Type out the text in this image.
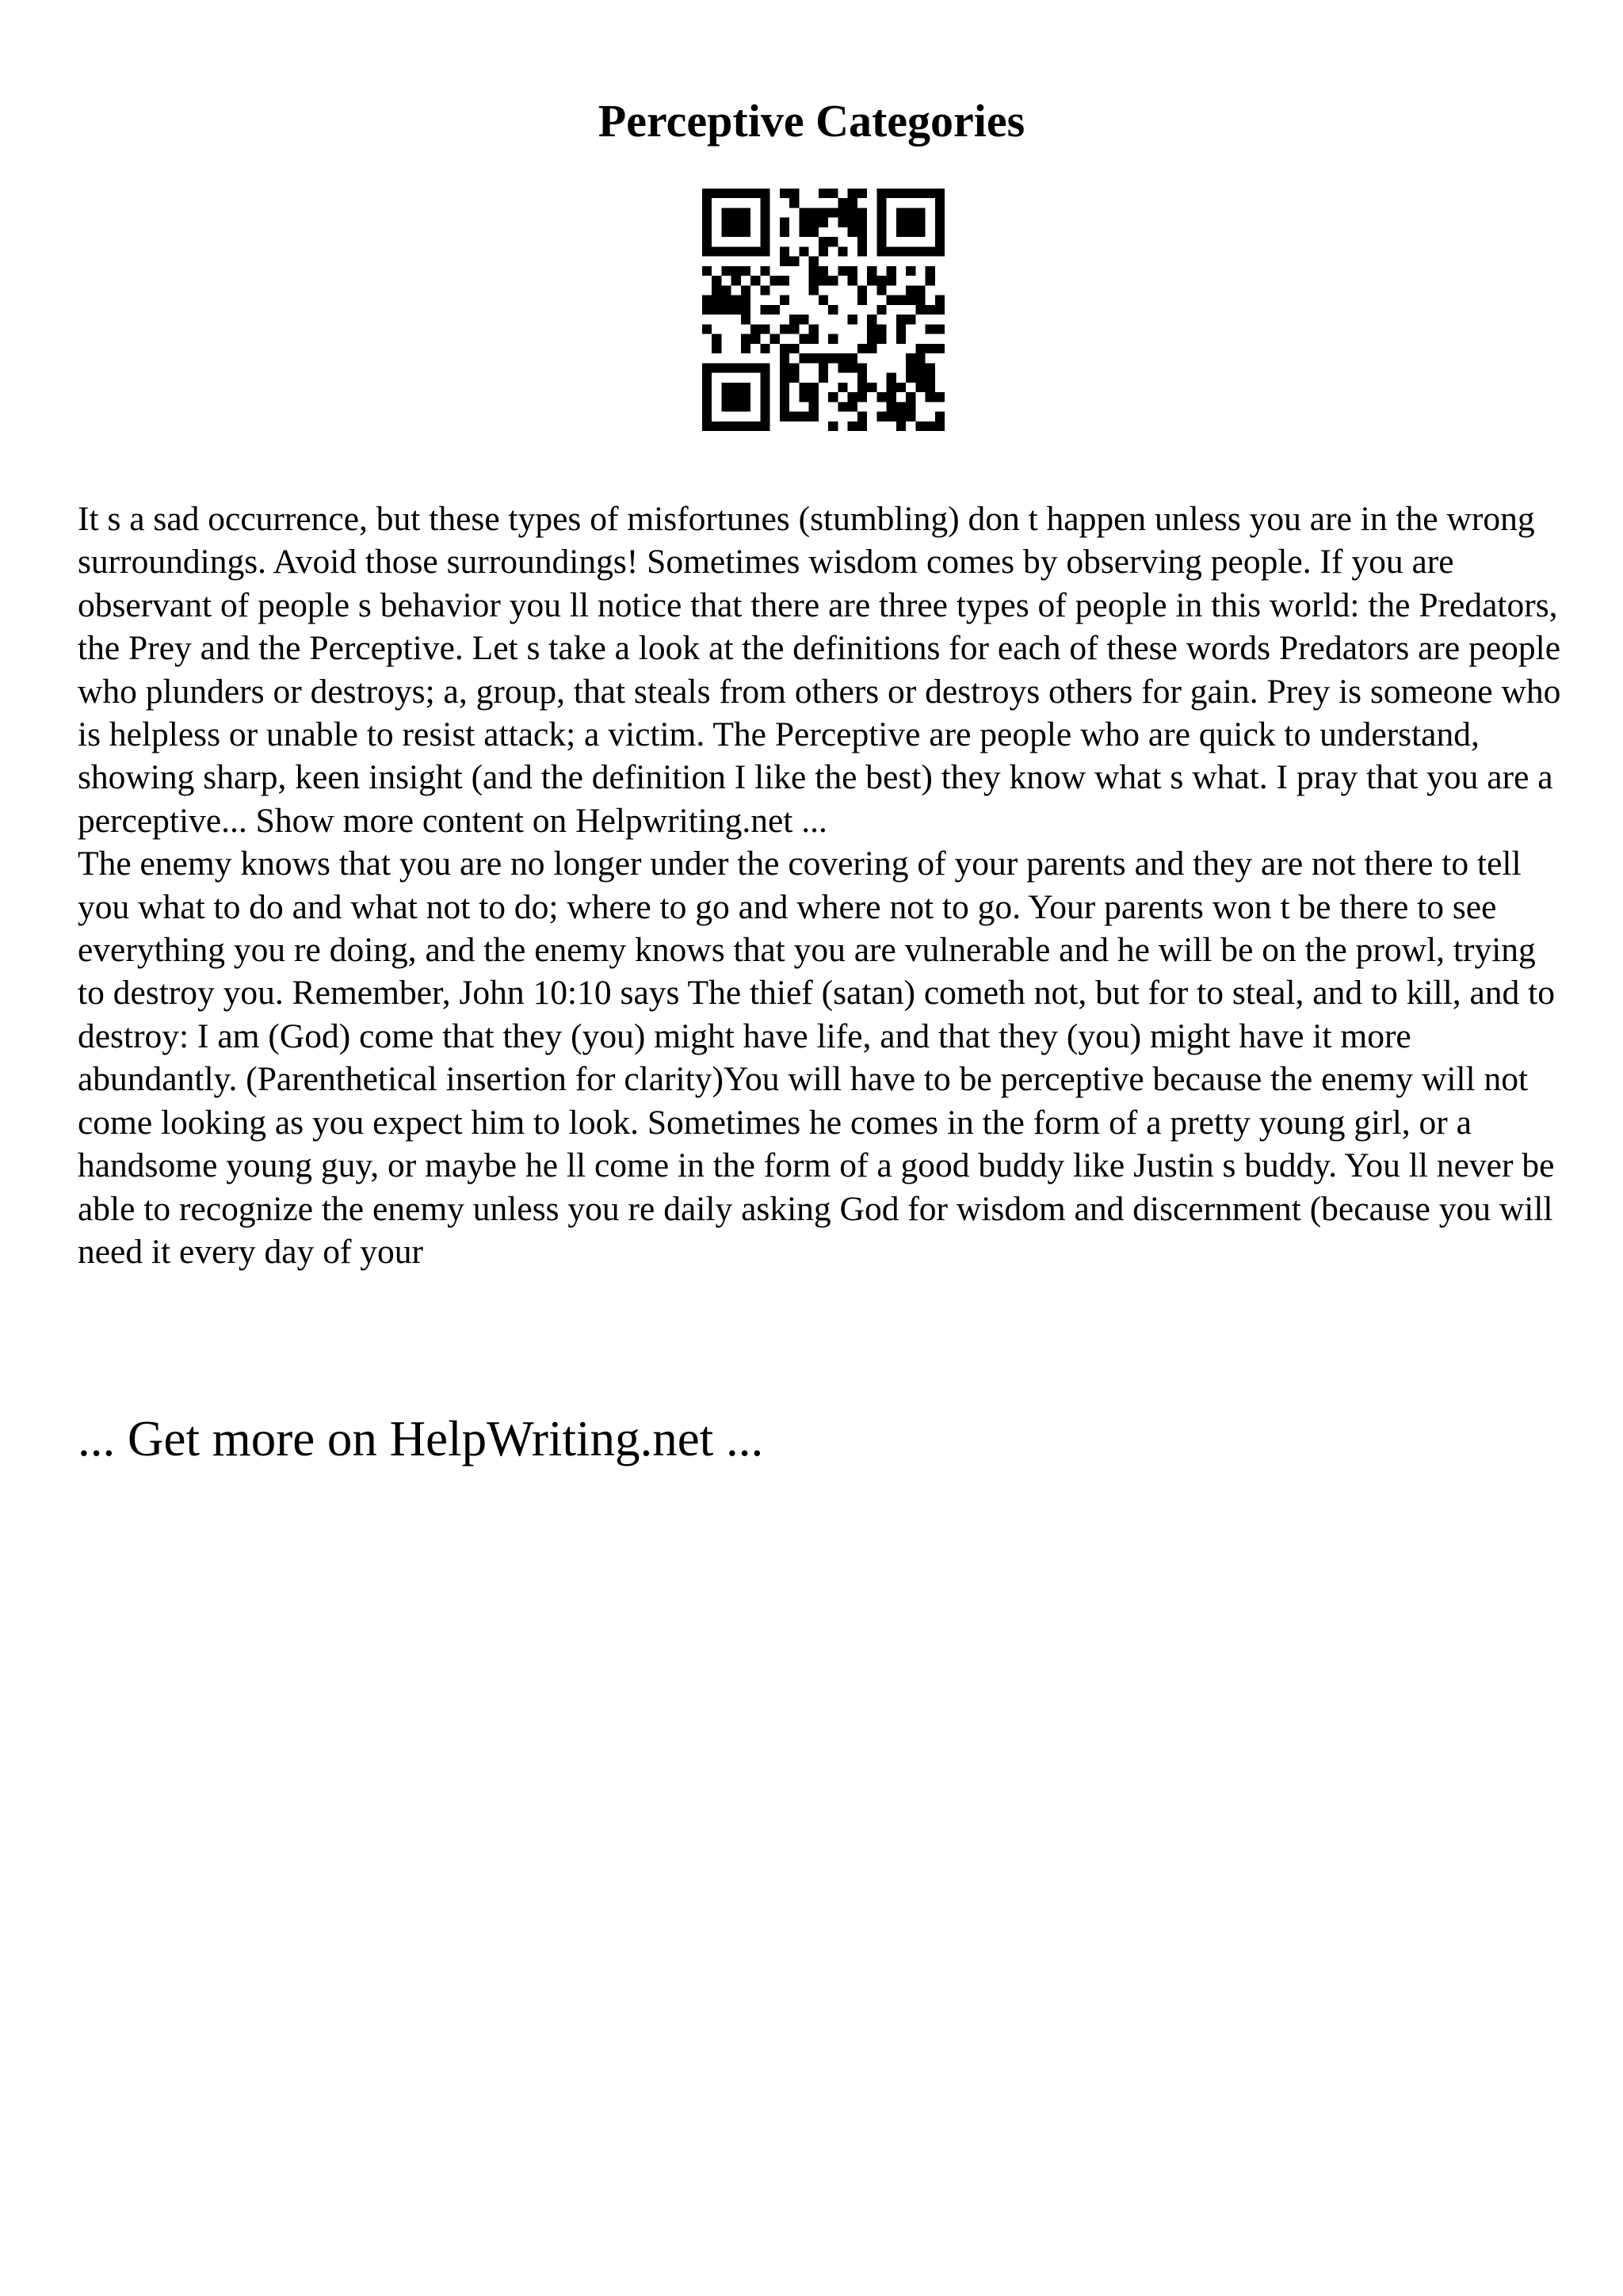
Perceptive Categories

It s a sad occurrence, but these types of misfortunes (stumbling) don t happen unless you are in the wrong surroundings. Avoid those surroundings! Sometimes wisdom comes by observing people. If you are observant of people s behavior you ll notice that there are three types of people in this world: the Predators, the Prey and the Perceptive. Let s take a look at the definitions for each of these words Predators are people who plunders or destroys; a, group, that steals from others or destroys others for gain. Prey is someone who is helpless or unable to resist attack; a victim. The Perceptive are people who are quick to understand, showing sharp, keen insight (and the definition I like the best) they know what s what. I pray that you are a perceptive... Show more content on Helpwriting.net ...

The enemy knows that you are no longer under the covering of your parents and they are not there to tell you what to do and what not to do; where to go and where not to go. Your parents won t be there to see everything you re doing, and the enemy knows that you are vulnerable and he will be on the prowl, trying to destroy you. Remember, John 10:10 says The thief (satan) cometh not, but for to steal, and to kill, and to destroy: I am (God) come that they (you) might have life, and that they (you) might have it more abundantly. (Parenthetical insertion for clarity)You will have to be perceptive because the enemy will not come looking as you expect him to look. Sometimes he comes in the form of a pretty young girl, or a handsome young guy, or maybe he ll come in the form of a good buddy like Justin s buddy. You ll never be able to recognize the enemy unless you re daily asking God for wisdom and discernment (because you will need it every day of your

... Get more on HelpWriting.net ...
